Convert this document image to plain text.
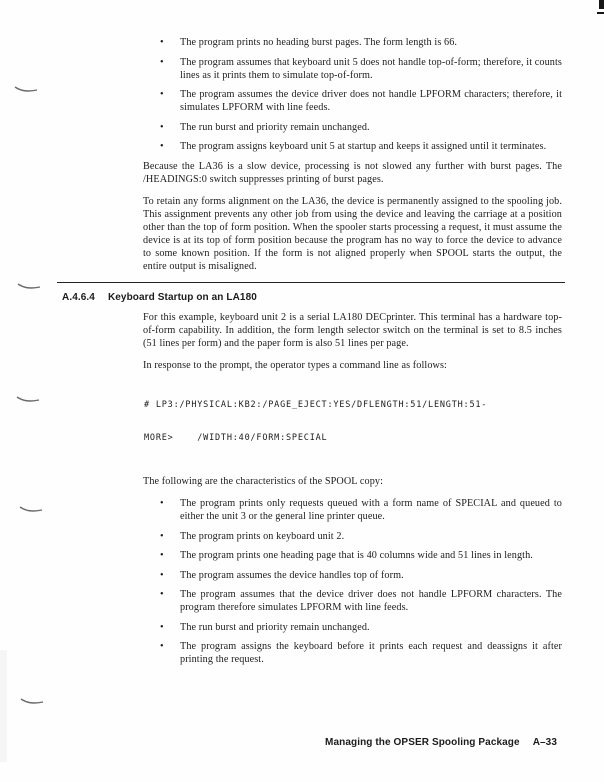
•	The program prints no heading burst pages. The form length is 66.
•	The program assumes that keyboard unit 5 does not handle top-of-form; therefore, it counts lines as it prints them to simulate top-of-form.
•	The program assumes the device driver does not handle LPFORM characters; therefore, it simulates LPFORM with line feeds.
•	The run burst and priority remain unchanged.
•	The program assigns keyboard unit 5 at startup and keeps it assigned until it terminates.

Because the LA36 is a slow device, processing is not slowed any further with burst pages. The /HEADINGS:0 switch suppresses printing of burst pages.

To retain any forms alignment on the LA36, the device is permanently assigned to the spooling job. This assignment prevents any other job from using the device and leaving the carriage at a position other than the top of form position. When the spooler starts processing a request, it must assume the device is at its top of form position because the program has no way to force the device to advance to some known position. If the form is not aligned properly when SPOOL starts the output, the entire output is misaligned.

A.4.6.4 Keyboard Startup on an LA180

For this example, keyboard unit 2 is a serial LA180 DECprinter. This terminal has a hardware top-of-form capability. In addition, the form length selector switch on the terminal is set to 8.5 inches (51 lines per form) and the paper form is also 51 lines per page.

In response to the prompt, the operator types a command line as follows:

# LP3:/PHYSICAL:KB2:/PAGE_EJECT:YES/DFLENGTH:51/LENGTH:51-

MORE>    /WIDTH:40/FORM:SPECIAL

The following are the characteristics of the SPOOL copy:

•	The program prints only requests queued with a form name of SPECIAL and queued to either the unit 3 or the general line printer queue.
•	The program prints on keyboard unit 2.
•	The program prints one heading page that is 40 columns wide and 51 lines in length.
•	The program assumes the device handles top of form.
•	The program assumes that the device driver does not handle LPFORM characters. The program therefore simulates LPFORM with line feeds.
•	The run burst and priority remain unchanged.
•	The program assigns the keyboard before it prints each request and deassigns it after printing the request.
Managing the OPSER Spooling Package A–33
